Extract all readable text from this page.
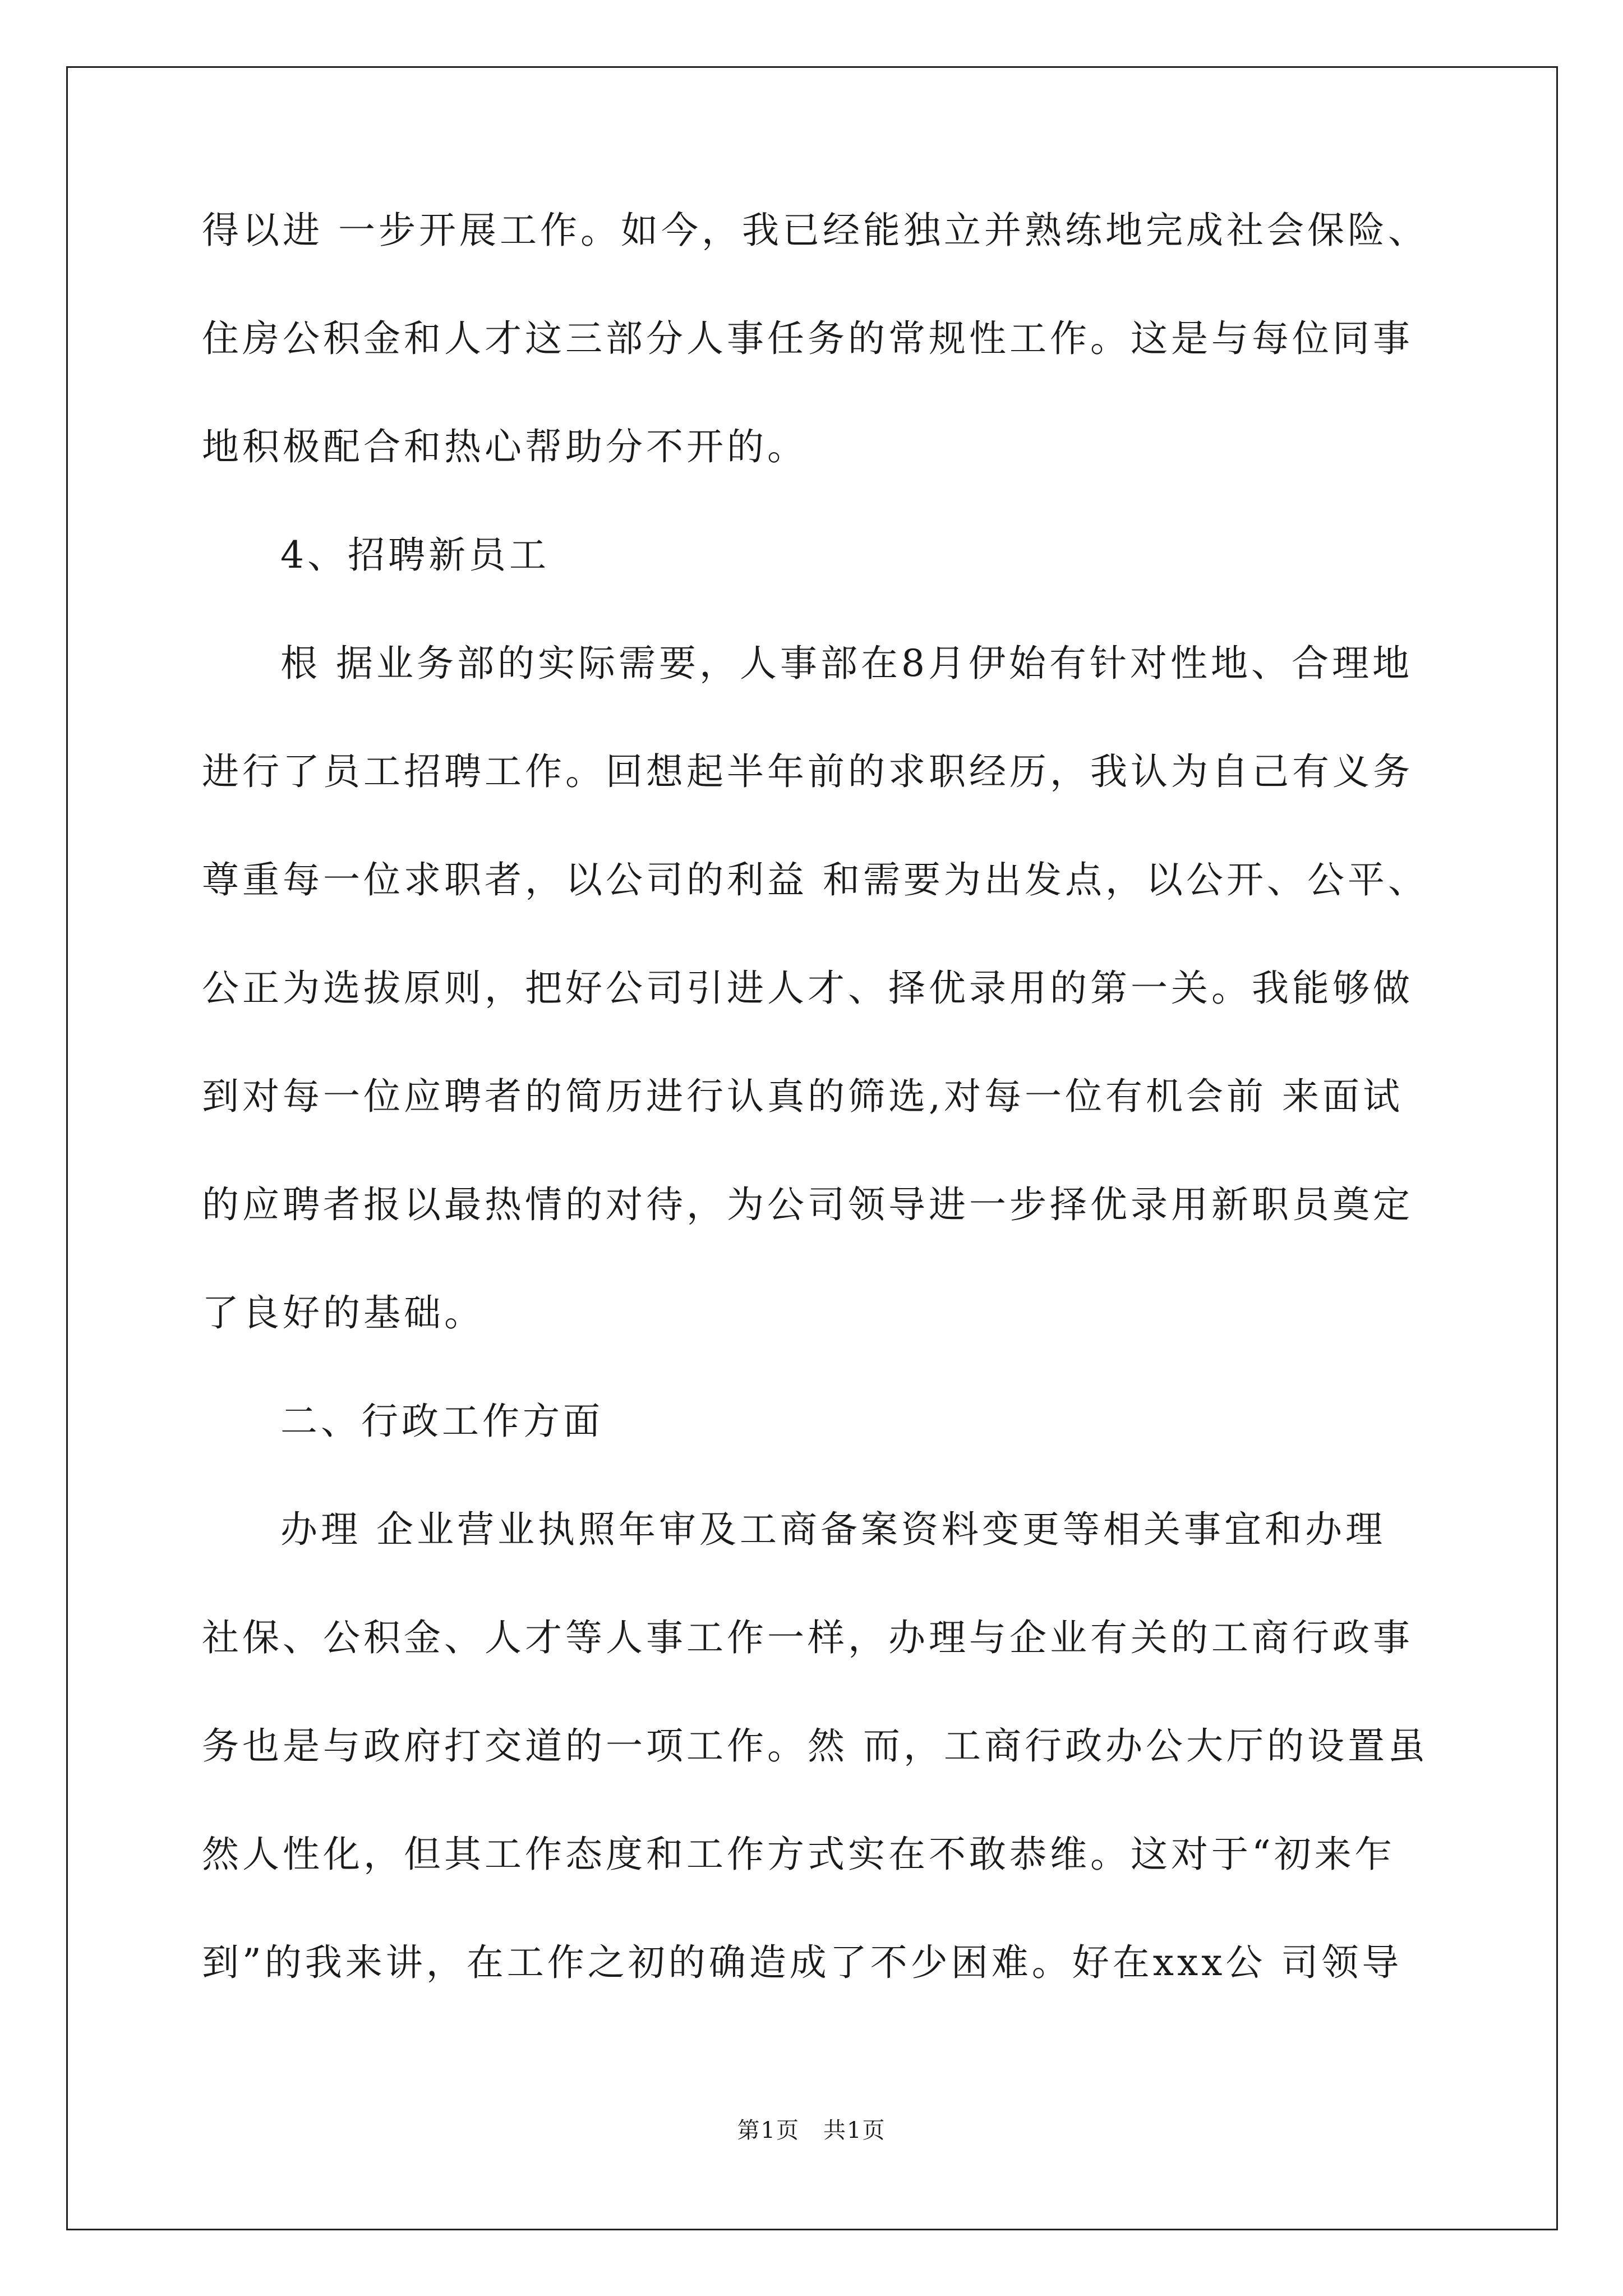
得以进 一步开展工作。如今，我已经能独立并熟练地完成社会保险、
住房公积金和人才这三部分人事任务的常规性工作。这是与每位同事
地积极配合和热心帮助分不开的。
4、招聘新员工
根 据业务部的实际需要，人事部在8月伊始有针对性地、合理地
进行了员工招聘工作。回想起半年前的求职经历，我认为自己有义务
尊重每一位求职者，以公司的利益 和需要为出发点，以公开、公平、
公正为选拔原则，把好公司引进人才、择优录用的第一关。我能够做
到对每一位应聘者的简历进行认真的筛选,对每一位有机会前 来面试
的应聘者报以最热情的对待，为公司领导进一步择优录用新职员奠定
了良好的基础。
二、行政工作方面
办理 企业营业执照年审及工商备案资料变更等相关事宜和办理
社保、公积金、人才等人事工作一样，办理与企业有关的工商行政事
务也是与政府打交道的一项工作。然 而，工商行政办公大厅的设置虽
然人性化，但其工作态度和工作方式实在不敢恭维。这对于“初来乍
到”的我来讲，在工作之初的确造成了不少困难。好在xxx公 司领导
第1页　共1页
